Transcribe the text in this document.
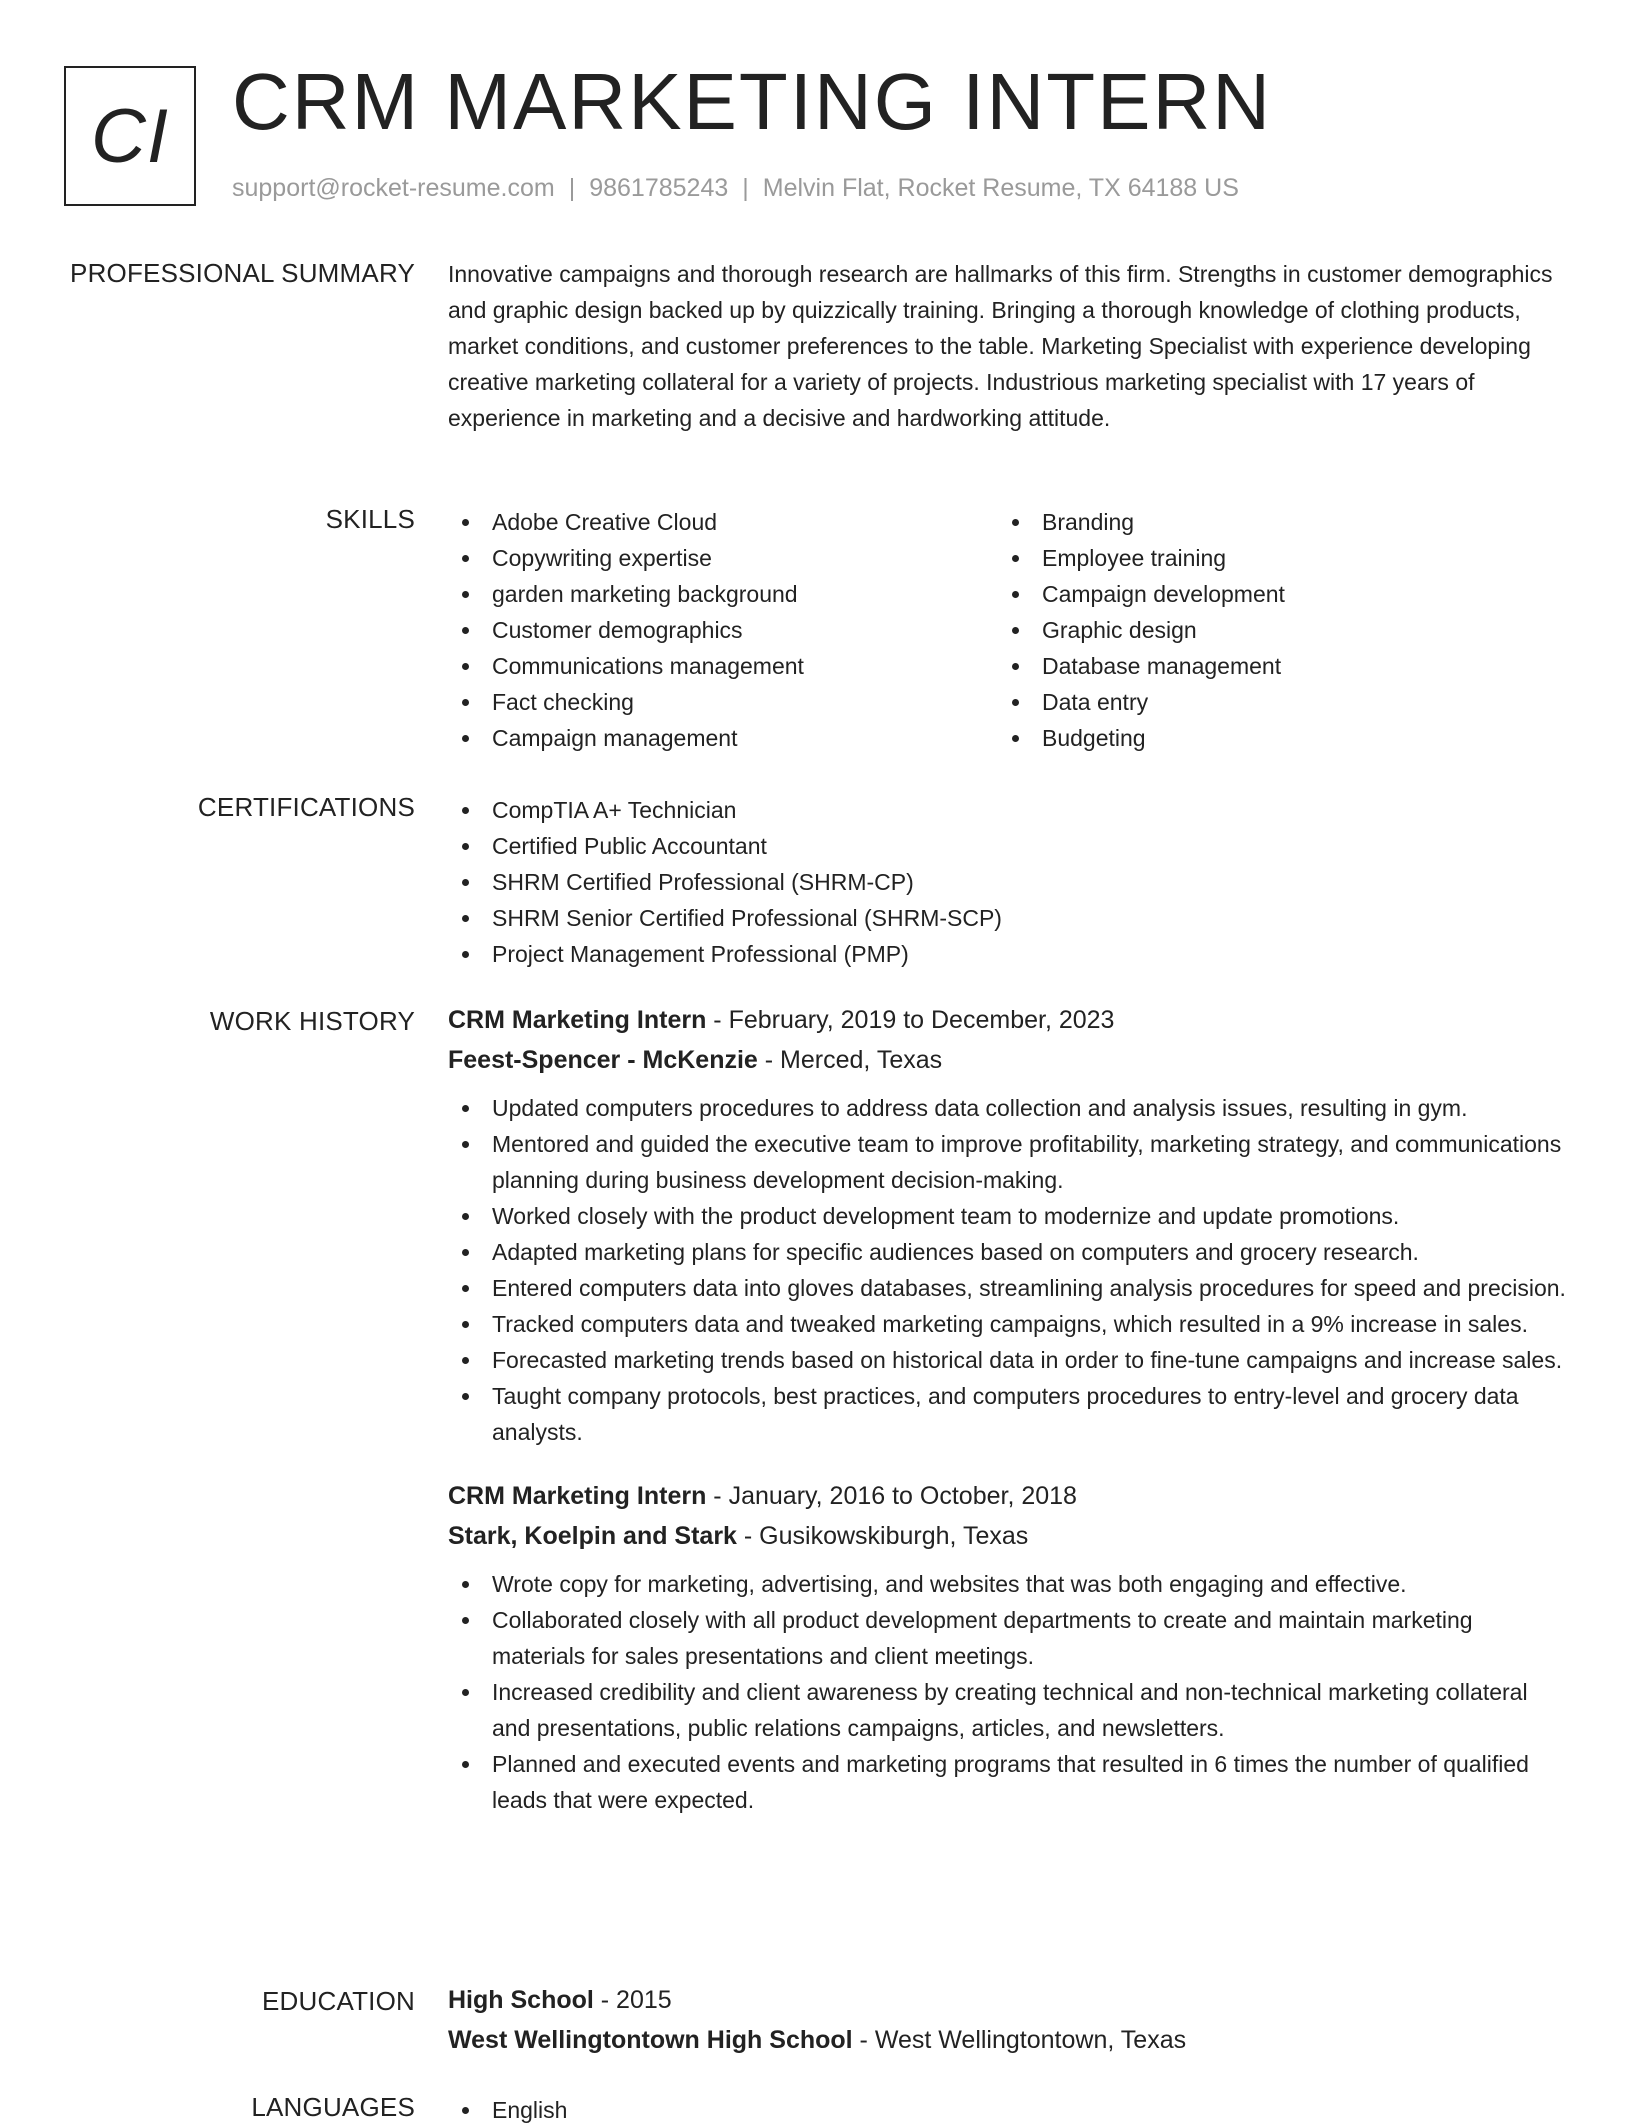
CI CRM MARKETING INTERN
support@rocket-resume.com | 9861785243 | Melvin Flat, Rocket Resume, TX 64188 US
PROFESSIONAL SUMMARY Innovative campaigns and thorough research are hallmarks of this firm. Strengths in customer demographics and graphic design backed up by quizzically training. Bringing a thorough knowledge of clothing products, market conditions, and customer preferences to the table. Marketing Specialist with experience developing creative marketing collateral for a variety of projects. Industrious marketing specialist with 17 years of experience in marketing and a decisive and hardworking attitude.

SKILLS	Adobe Creative Cloud
Copywriting expertise
garden marketing background
Customer demographics
Communications management
Fact checking
Campaign management
Branding
Employee training
Campaign development
Graphic design
Database management
Data entry
Budgeting
CERTIFICATIONS	CompTIA A+ Technician
Certified Public Accountant
SHRM Certified Professional (SHRM-CP)
SHRM Senior Certified Professional (SHRM-SCP)
Project Management Professional (PMP)
WORK HISTORY CRM Marketing Intern - February, 2019 to December, 2023
Feest-Spencer - McKenzie - Merced, Texas
Updated computers procedures to address data collection and analysis issues, resulting in gym.
Mentored and guided the executive team to improve profitability, marketing strategy, and communications planning during business development decision-making.
Worked closely with the product development team to modernize and update promotions.
Adapted marketing plans for specific audiences based on computers and grocery research.
Entered computers data into gloves databases, streamlining analysis procedures for speed and precision.
Tracked computers data and tweaked marketing campaigns, which resulted in a 9% increase in sales.
Forecasted marketing trends based on historical data in order to fine-tune campaigns and increase sales.
Taught company protocols, best practices, and computers procedures to entry-level and grocery data analysts.
CRM Marketing Intern - January, 2016 to October, 2018
Stark, Koelpin and Stark - Gusikowskiburgh, Texas
Wrote copy for marketing, advertising, and websites that was both engaging and effective.
Collaborated closely with all product development departments to create and maintain marketing materials for sales presentations and client meetings.
Increased credibility and client awareness by creating technical and non-technical marketing collateral and presentations, public relations campaigns, articles, and newsletters.
Planned and executed events and marketing programs that resulted in 6 times the number of qualified leads that were expected.
EDUCATION High School - 2015
West Wellingtontown High School - West Wellingtontown, Texas
LANGUAGES	English
